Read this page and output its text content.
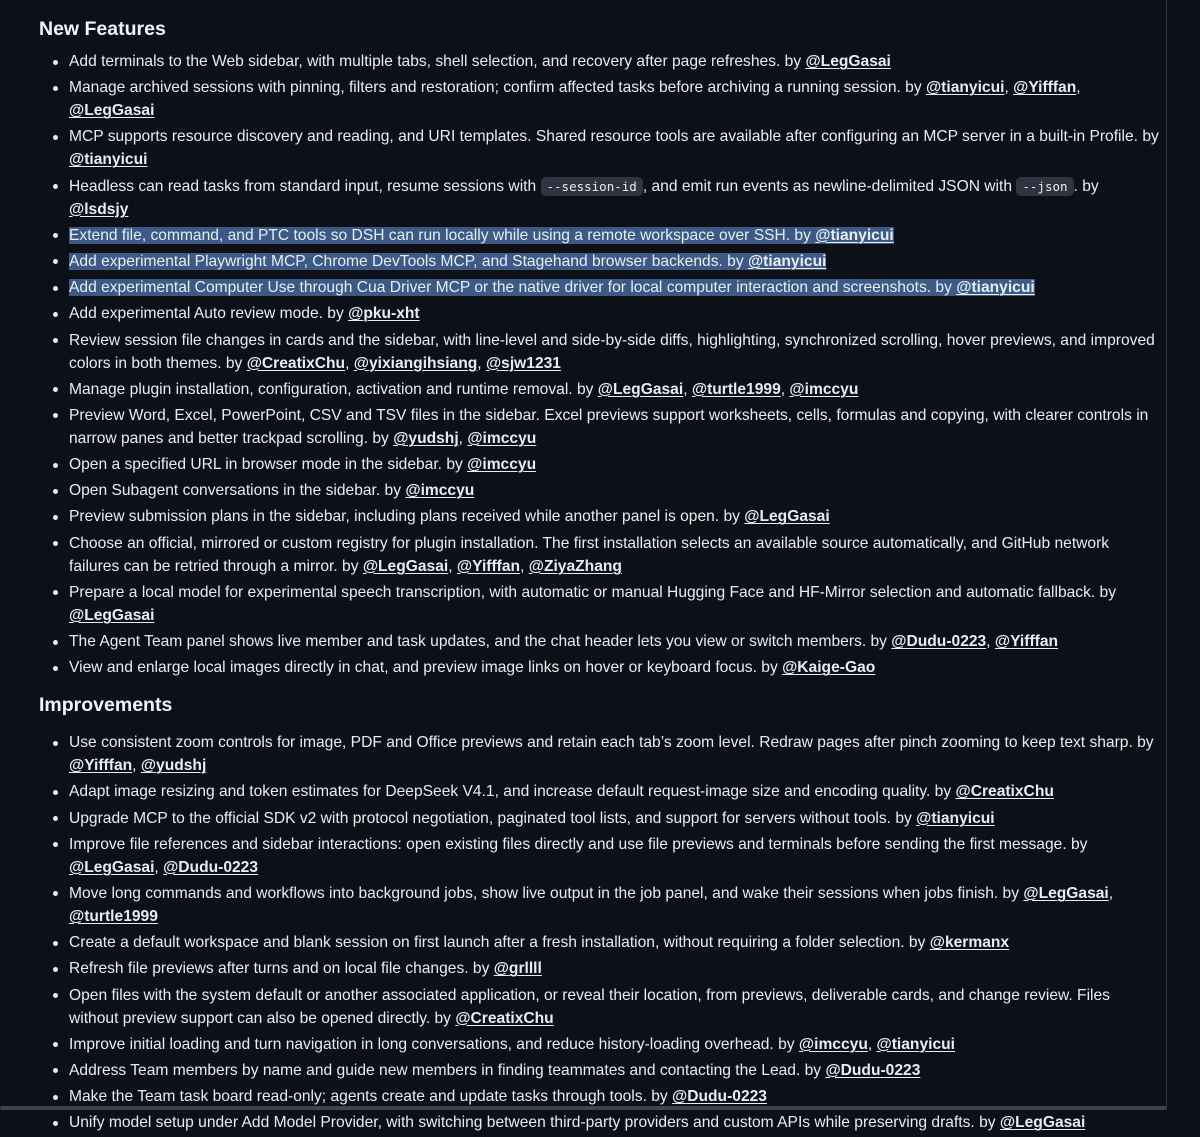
New Features
Add terminals to the Web sidebar, with multiple tabs, shell selection, and recovery after page refreshes. by @LegGasai
Manage archived sessions with pinning, filters and restoration; confirm affected tasks before archiving a running session. by @tianyicui, @Yifffan, @LegGasai
MCP supports resource discovery and reading, and URI templates. Shared resource tools are available after configuring an MCP server in a built-in Profile. by @tianyicui
Headless can read tasks from standard input, resume sessions with --session-id , and emit run events as newline-delimited JSON with --json . by @lsdsjy
Extend file, command, and PTC tools so DSH can run locally while using a remote workspace over SSH. by @tianyicui
Add experimental Playwright MCP, Chrome DevTools MCP, and Stagehand browser backends. by @tianyicui
Add experimental Computer Use through Cua Driver MCP or the native driver for local computer interaction and screenshots. by @tianyicui
Add experimental Auto review mode. by @pku-xht
Review session file changes in cards and the sidebar, with line-level and side-by-side diffs, highlighting, synchronized scrolling, hover previews, and improved colors in both themes. by @CreatixChu, @yixiangihsiang, @sjw1231
Manage plugin installation, configuration, activation and runtime removal. by @LegGasai, @turtle1999, @imccyu
Preview Word, Excel, PowerPoint, CSV and TSV files in the sidebar. Excel previews support worksheets, cells, formulas and copying, with clearer controls in narrow panes and better trackpad scrolling. by @yudshj, @imccyu
Open a specified URL in browser mode in the sidebar. by @imccyu
Open Subagent conversations in the sidebar. by @imccyu
Preview submission plans in the sidebar, including plans received while another panel is open. by @LegGasai
Choose an official, mirrored or custom registry for plugin installation. The first installation selects an available source automatically, and GitHub network failures can be retried through a mirror. by @LegGasai, @Yifffan, @ZiyaZhang
Prepare a local model for experimental speech transcription, with automatic or manual Hugging Face and HF-Mirror selection and automatic fallback. by @LegGasai
The Agent Team panel shows live member and task updates, and the chat header lets you view or switch members. by @Dudu-0223, @Yifffan
View and enlarge local images directly in chat, and preview image links on hover or keyboard focus. by @Kaige-Gao
Improvements
Use consistent zoom controls for image, PDF and Office previews and retain each tab’s zoom level. Redraw pages after pinch zooming to keep text sharp. by @Yifffan, @yudshj
Adapt image resizing and token estimates for DeepSeek V4.1, and increase default request-image size and encoding quality. by @CreatixChu
Upgrade MCP to the official SDK v2 with protocol negotiation, paginated tool lists, and support for servers without tools. by @tianyicui
Improve file references and sidebar interactions: open existing files directly and use file previews and terminals before sending the first message. by @LegGasai, @Dudu-0223
Move long commands and workflows into background jobs, show live output in the job panel, and wake their sessions when jobs finish. by @LegGasai, @turtle1999
Create a default workspace and blank session on first launch after a fresh installation, without requiring a folder selection. by @kermanx
Refresh file previews after turns and on local file changes. by @grllll
Open files with the system default or another associated application, or reveal their location, from previews, deliverable cards, and change review. Files without preview support can also be opened directly. by @CreatixChu
Improve initial loading and turn navigation in long conversations, and reduce history-loading overhead. by @imccyu, @tianyicui
Address Team members by name and guide new members in finding teammates and contacting the Lead. by @Dudu-0223
Make the Team task board read-only; agents create and update tasks through tools. by @Dudu-0223
Unify model setup under Add Model Provider, with switching between third-party providers and custom APIs while preserving drafts. by @LegGasai
